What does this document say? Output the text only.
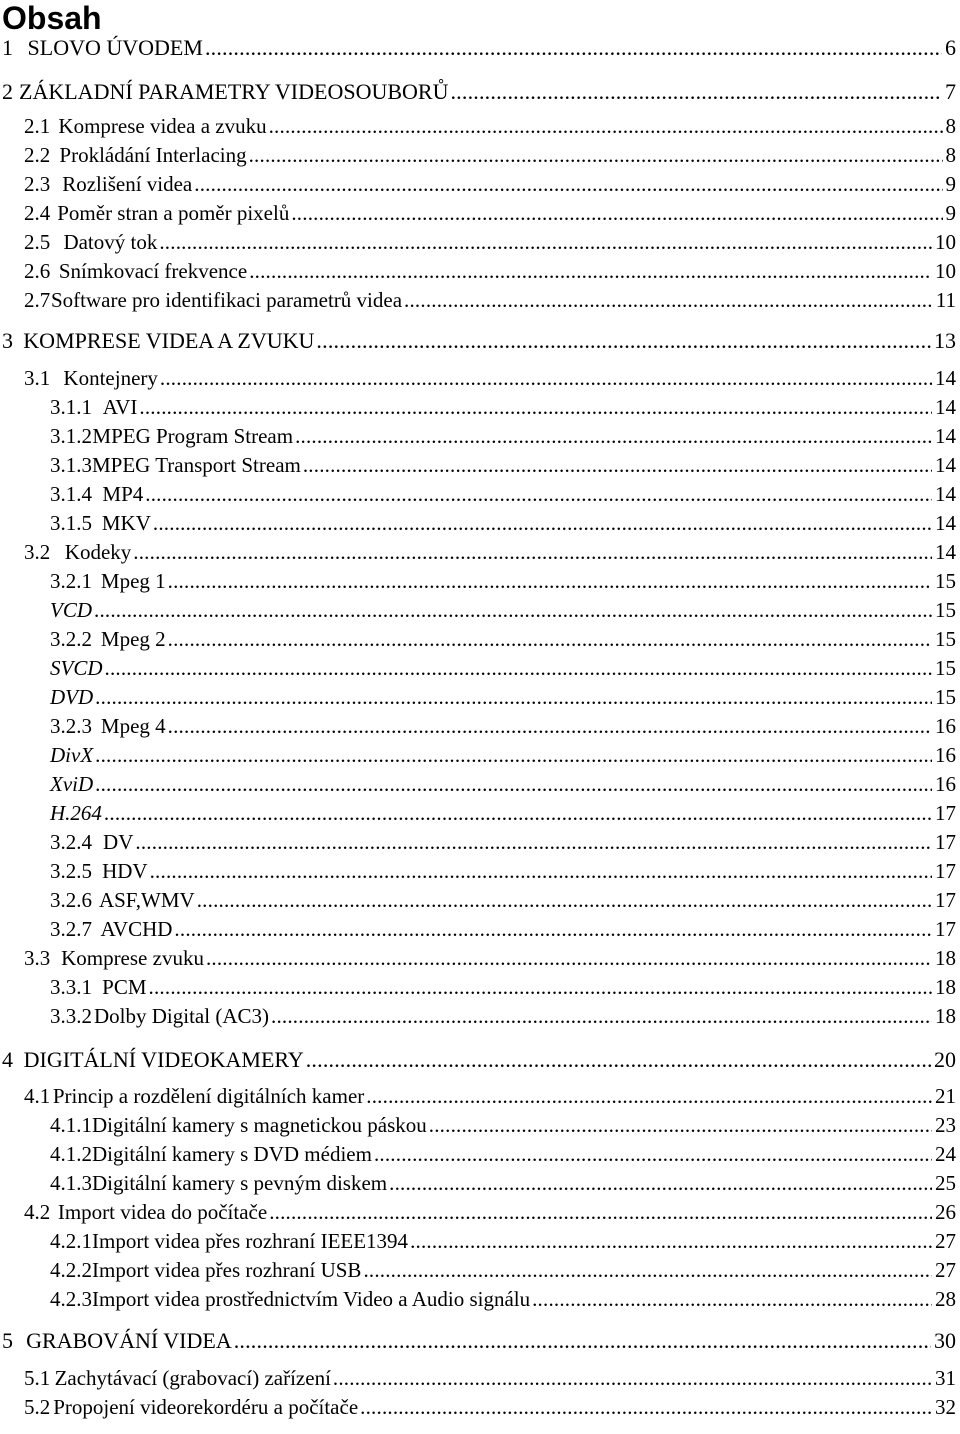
Obsah
1 SLOVO ÚVODEM .....	6
2 ZÁKLADNÍ PARAMETRY VIDEOSOUBORŮ .....	7
2.1 Komprese videa a zvuku .....	8
2.2 Prokládání Interlacing .....	8
2.3 Rozlišení videa .....	9
2.4 Poměr stran a poměr pixelů .....	9
2.5 Datový tok .....	10
2.6 Snímkovací frekvence .....	10
2.7 Software pro identifikaci parametrů videa .....	11
3 KOMPRESE VIDEA A ZVUKU .....	13
3.1 Kontejnery .....	14
3.1.1 AVI .....	14
3.1.2 MPEG Program Stream .....	14
3.1.3 MPEG Transport Stream .....	14
3.1.4 MP4 .....	14
3.1.5 MKV .....	14
3.2 Kodeky .....	14
3.2.1 Mpeg 1 .....	15
VCD .....	15
3.2.2 Mpeg 2 .....	15
SVCD .....	15
DVD .....	15
3.2.3 Mpeg 4 .....	16
DivX .....	16
XviD .....	16
H.264 .....	17
3.2.4 DV .....	17
3.2.5 HDV .....	17
3.2.6 ASF,WMV .....	17
3.2.7 AVCHD .....	17
3.3 Komprese zvuku .....	18
3.3.1 PCM .....	18
3.3.2 Dolby Digital (AC3) .....	18
4 DIGITÁLNÍ VIDEOKAMERY .....	20
4.1 Princip a rozdělení digitálních kamer .....	21
4.1.1 Digitální kamery s magnetickou páskou .....	23
4.1.2 Digitální kamery s DVD médiem .....	24
4.1.3 Digitální kamery s pevným diskem .....	25
4.2 Import videa do počítače .....	26
4.2.1 Import videa přes rozhraní IEEE1394 .....	27
4.2.2 Import videa přes rozhraní USB .....	27
4.2.3 Import videa prostřednictvím Video a Audio signálu .....	28
5 GRABOVÁNÍ VIDEA .....	30
5.1 Zachytávací (grabovací) zařízení .....	31
5.2 Propojení videorekordéru a počítače .....	32
